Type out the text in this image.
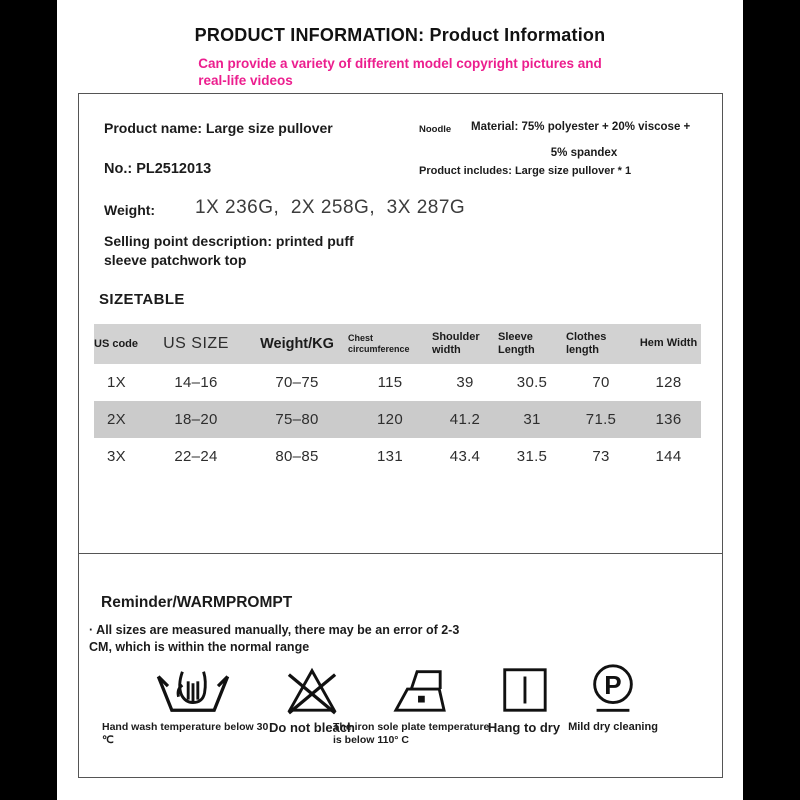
PRODUCT INFORMATION: Product Information
Can provide a variety of different model copyright pictures and
real-life videos
Product name: Large size pullover	Noodle Material: 75% polyester + 20% viscose +
5% spandex
No.: PL2512013	Product includes: Large size pullover * 1
Weight: 1X 236G,  2X 258G,  3X 287G
Selling point description: printed puff
sleeve patchwork top
SIZETABLE
US code	US SIZE	Weight/KG	Chest circumference	Shoulder width	Sleeve Length	Clothes length	Hem Width
1X	14–16	70–75	115	39	30.5	70	128
2X	18–20	75–80	120	41.2	31	71.5	136
3X	22–24	80–85	131	43.4	31.5	73	144
Reminder/WARMPROMPT
· All sizes are measured manually, there may be an error of 2-3
CM, which is within the normal range
Hand wash temperature below 30
℃
Do not bleach
The iron sole plate temperature
is below 110° C
Hang to dry
P
Mild dry cleaning
